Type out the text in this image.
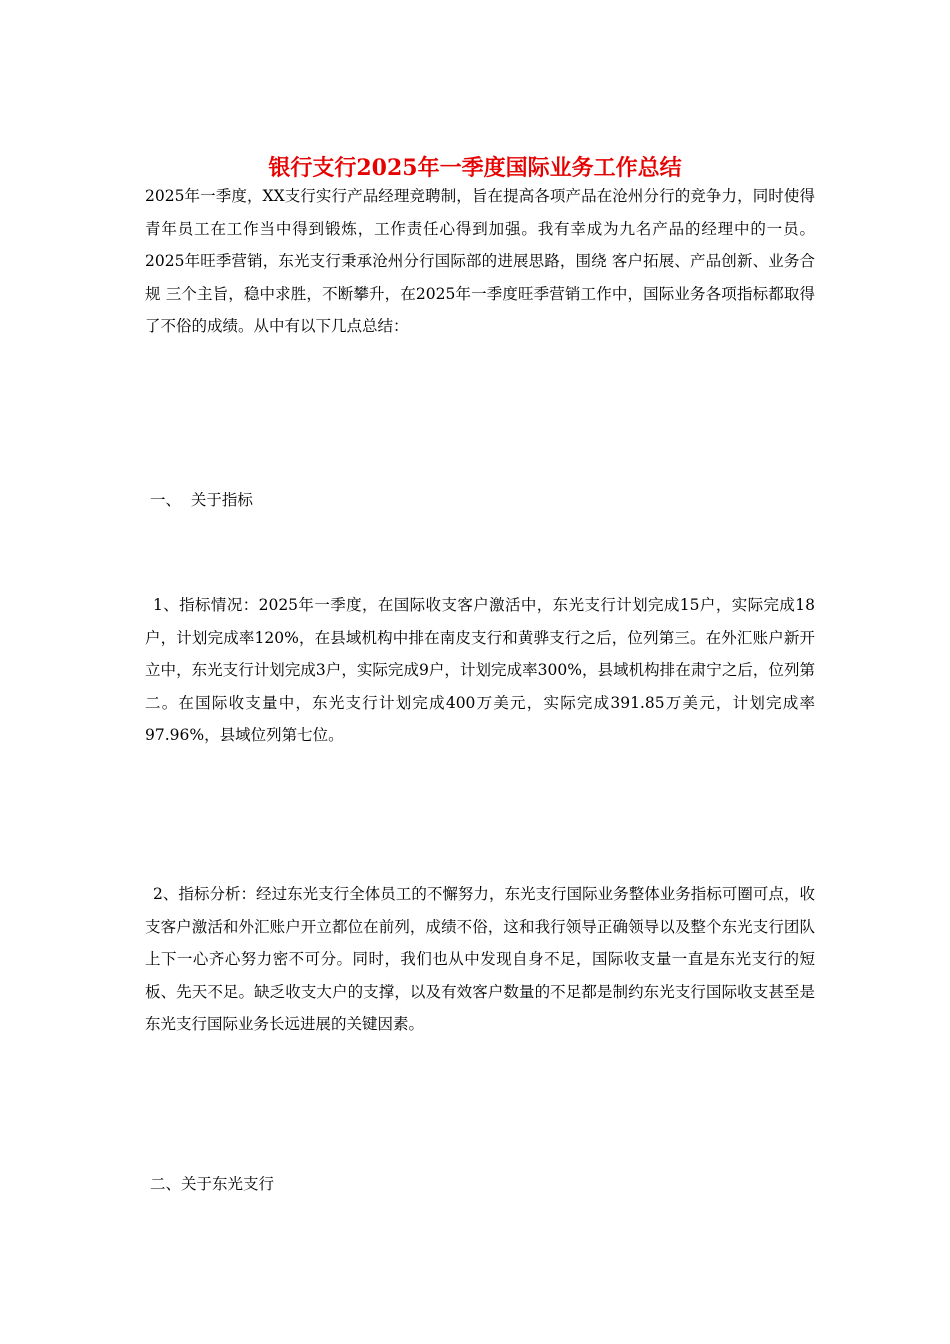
银行支行2025年一季度国际业务工作总结

2025年一季度，XX支行实行产品经理竞聘制，旨在提高各项产品在沧州分行的竞争力，同时使得青年员工在工作当中得到锻炼，工作责任心得到加强。我有幸成为九名产品的经理中的一员。2025年旺季营销，东光支行秉承沧州分行国际部的进展思路，围绕 客户拓展、产品创新、业务合规 三个主旨，稳中求胜，不断攀升，在2025年一季度旺季营销工作中，国际业务各项指标都取得了不俗的成绩。从中有以下几点总结：

一、  关于指标

1、指标情况：2025年一季度，在国际收支客户激活中，东光支行计划完成15户，实际完成18户，计划完成率120%，在县域机构中排在南皮支行和黄骅支行之后，位列第三。在外汇账户新开立中，东光支行计划完成3户，实际完成9户，计划完成率300%，县域机构排在肃宁之后，位列第二。在国际收支量中，东光支行计划完成400万美元，实际完成391.85万美元，计划完成率97.96%，县域位列第七位。

2、指标分析：经过东光支行全体员工的不懈努力，东光支行国际业务整体业务指标可圈可点，收支客户激活和外汇账户开立都位在前列，成绩不俗，这和我行领导正确领导以及整个东光支行团队上下一心齐心努力密不可分。同时，我们也从中发现自身不足，国际收支量一直是东光支行的短板、先天不足。缺乏收支大户的支撑，以及有效客户数量的不足都是制约东光支行国际收支甚至是东光支行国际业务长远进展的关键因素。

二、关于东光支行
